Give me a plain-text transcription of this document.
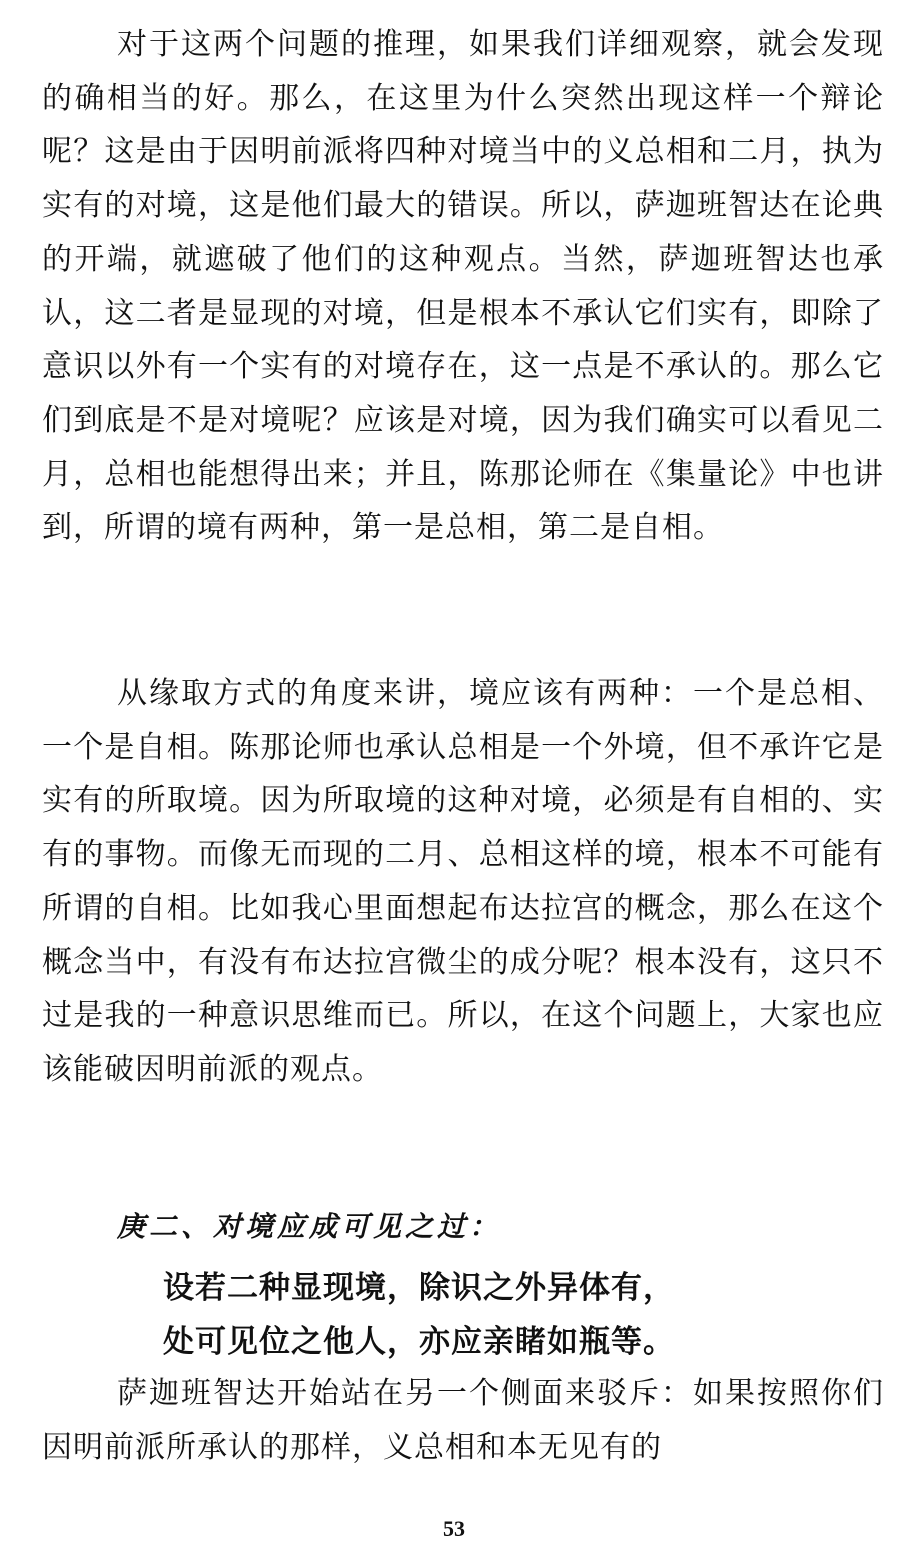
对于这两个问题的推理，如果我们详细观察，就会发现的确相当的好。那么，在这里为什么突然出现这样一个辩论呢？这是由于因明前派将四种对境当中的义总相和二月，执为实有的对境，这是他们最大的错误。所以，萨迦班智达在论典的开端，就遮破了他们的这种观点。当然，萨迦班智达也承认，这二者是显现的对境，但是根本不承认它们实有，即除了意识以外有一个实有的对境存在，这一点是不承认的。那么它们到底是不是对境呢？应该是对境，因为我们确实可以看见二月，总相也能想得出来；并且，陈那论师在《集量论》中也讲到，所谓的境有两种，第一是总相，第二是自相。

从缘取方式的角度来讲，境应该有两种：一个是总相、一个是自相。陈那论师也承认总相是一个外境，但不承许它是实有的所取境。因为所取境的这种对境，必须是有自相的、实有的事物。而像无而现的二月、总相这样的境，根本不可能有所谓的自相。比如我心里面想起布达拉宫的概念，那么在这个概念当中，有没有布达拉宫微尘的成分呢？根本没有，这只不过是我的一种意识思维而已。所以，在这个问题上，大家也应该能破因明前派的观点。

庚二、对境应成可见之过：

设若二种显现境，除识之外异体有，

处可见位之他人，亦应亲睹如瓶等。

萨迦班智达开始站在另一个侧面来驳斥：如果按照你们因明前派所承认的那样，义总相和本无见有的

53
